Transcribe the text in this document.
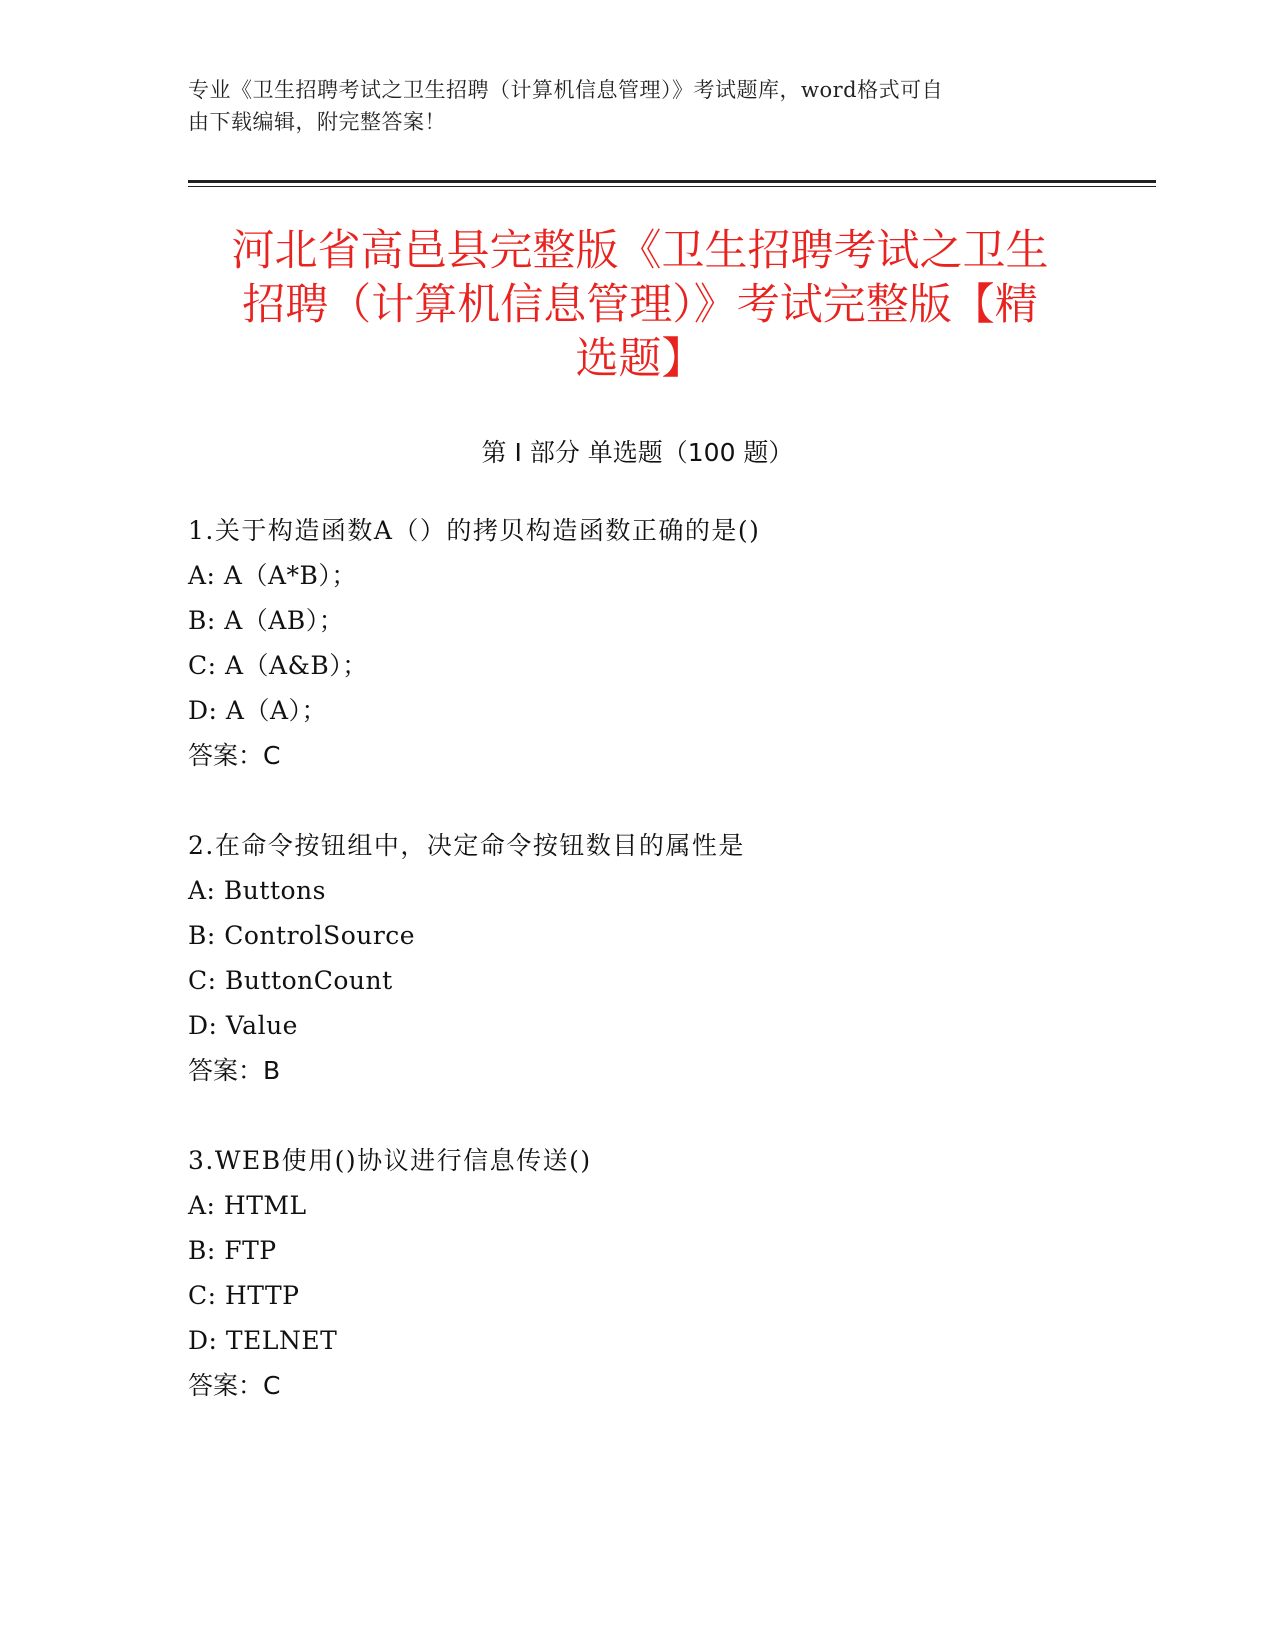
专业《卫生招聘考试之卫生招聘（计算机信息管理）》考试题库，word格式可自
由下载编辑，附完整答案！
河北省高邑县完整版《卫生招聘考试之卫生
招聘（计算机信息管理）》考试完整版【精
选题】
第 I 部分 单选题（100 题）
1.关于构造函数A（）的拷贝构造函数正确的是()
A: A（A*B）；
B: A（AB）；
C: A（A&B）；
D: A（A）；
答案：C
2.在命令按钮组中，决定命令按钮数目的属性是
A: Buttons
B: ControlSource
C: ButtonCount
D: Value
答案：B
3.WEB使用()协议进行信息传送()
A: HTML
B: FTP
C: HTTP
D: TELNET
答案：C
